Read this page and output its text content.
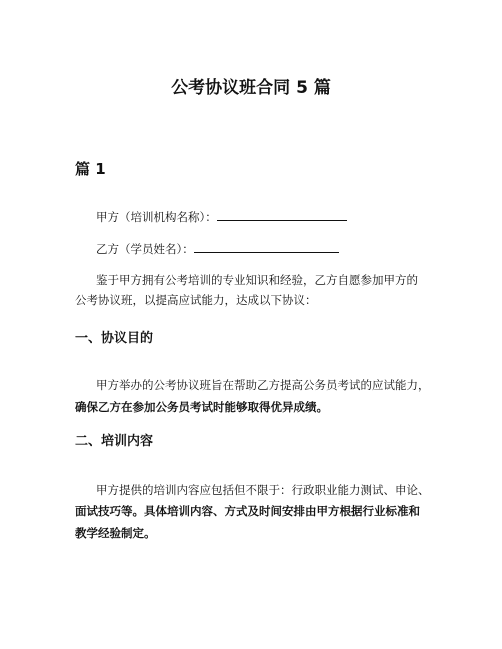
公考协议班合同 5 篇
篇 1
甲方（培训机构名称）：
乙方（学员姓名）：
鉴于甲方拥有公考培训的专业知识和经验，乙方自愿参加甲方的
公考协议班，以提高应试能力，达成以下协议：
一、协议目的
甲方举办的公考协议班旨在帮助乙方提高公务员考试的应试能力，
确保乙方在参加公务员考试时能够取得优异成绩。
二、培训内容
甲方提供的培训内容应包括但不限于：行政职业能力测试、申论、
面试技巧等。具体培训内容、方式及时间安排由甲方根据行业标准和
教学经验制定。
